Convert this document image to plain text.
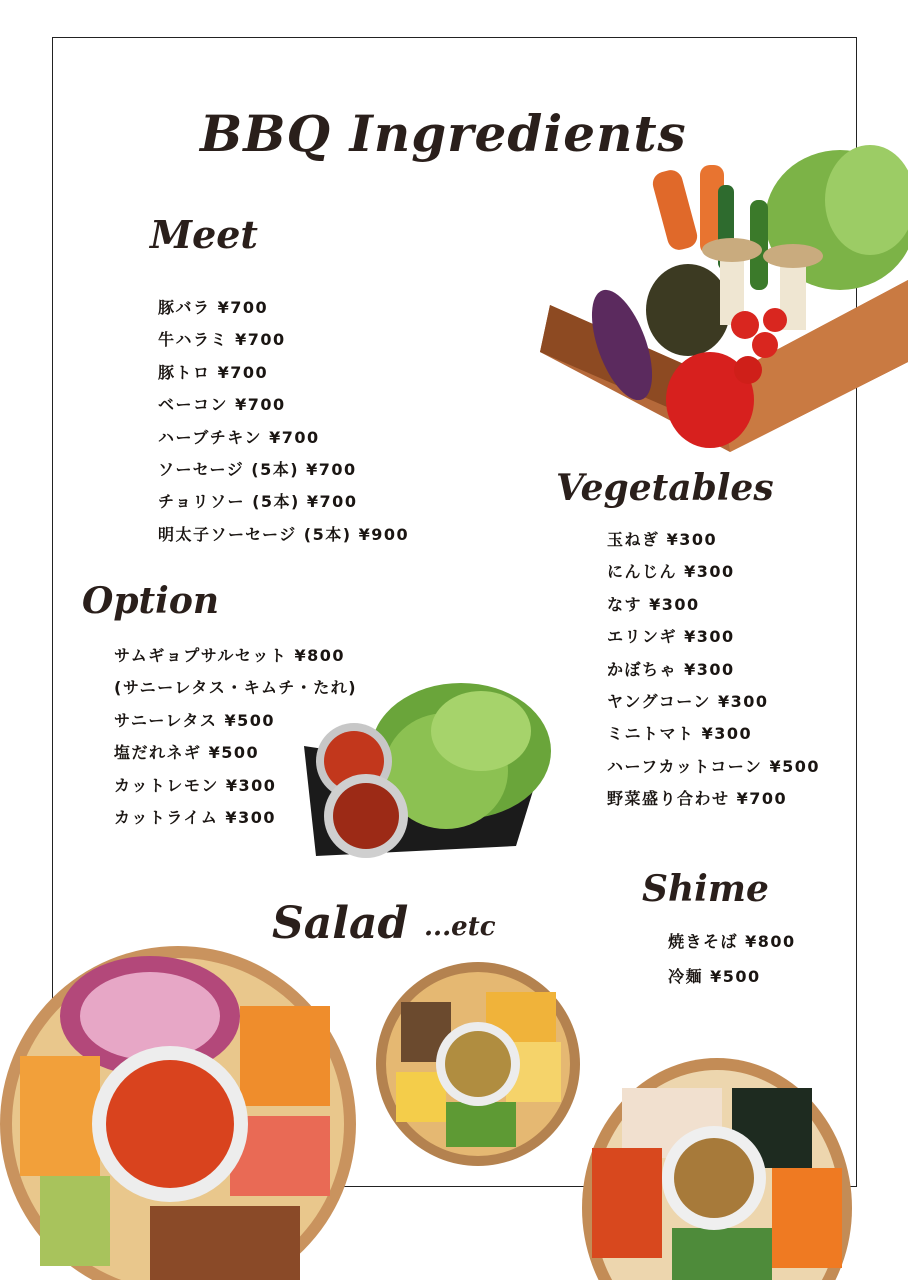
BBQ Ingredients
Meet
豚バラ ¥700
牛ハラミ ¥700
豚トロ ¥700
ベーコン ¥700
ハーブチキン ¥700
ソーセージ (5本) ¥700
チョリソー (5本) ¥700
明太子ソーセージ (5本) ¥900
Option
サムギョプサルセット ¥800
(サニーレタス・キムチ・たれ)
サニーレタス ¥500
塩だれネギ ¥500
カットレモン ¥300
カットライム ¥300
Vegetables
玉ねぎ ¥300
にんじん ¥300
なす ¥300
エリンギ ¥300
かぼちゃ ¥300
ヤングコーン ¥300
ミニトマト ¥300
ハーフカットコーン ¥500
野菜盛り合わせ ¥700
Shime
焼きそば ¥800
冷麺 ¥500
Salad ...etc
